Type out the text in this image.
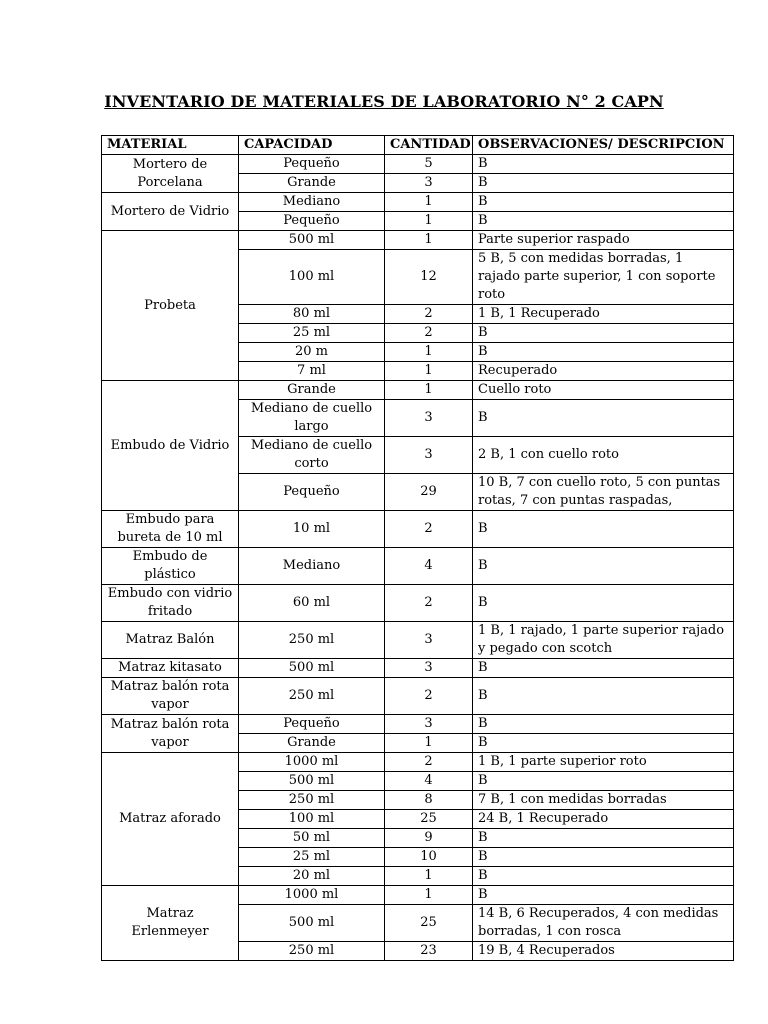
INVENTARIO DE MATERIALES DE LABORATORIO N° 2 CAPN
MATERIAL	CAPACIDAD	CANTIDAD	OBSERVACIONES/ DESCRIPCION
Mortero de Porcelana	Pequeño	5	B
	Grande	3	B
Mortero de Vidrio	Mediano	1	B
	Pequeño	1	B
Probeta	500 ml	1	Parte superior raspado
	100 ml	12	5 B, 5 con medidas borradas, 1 rajado parte superior, 1 con soporte roto
	80 ml	2	1 B, 1 Recuperado
	25 ml	2	B
	20 m	1	B
	7 ml	1	Recuperado
Embudo de Vidrio	Grande	1	Cuello roto
	Mediano de cuello largo	3	B
	Mediano de cuello corto	3	2 B, 1 con cuello roto
	Pequeño	29	10 B, 7 con cuello roto, 5 con puntas rotas, 7 con puntas raspadas,
Embudo para bureta de 10 ml	10 ml	2	B
Embudo de plástico	Mediano	4	B
Embudo con vidrio fritado	60 ml	2	B
Matraz Balón	250 ml	3	1 B, 1 rajado, 1 parte superior rajado y pegado con scotch
Matraz kitasato	500 ml	3	B
Matraz balón rota vapor	250 ml	2	B
Matraz balón rota vapor	Pequeño	3	B
	Grande	1	B
Matraz aforado	1000 ml	2	1 B, 1 parte superior roto
	500 ml	4	B
	250 ml	8	7 B, 1 con medidas borradas
	100 ml	25	24 B, 1 Recuperado
	50 ml	9	B
	25 ml	10	B
	20 ml	1	B
Matraz Erlenmeyer	1000 ml	1	B
	500 ml	25	14 B, 6 Recuperados, 4 con medidas borradas, 1 con rosca
	250 ml	23	19 B, 4 Recuperados
